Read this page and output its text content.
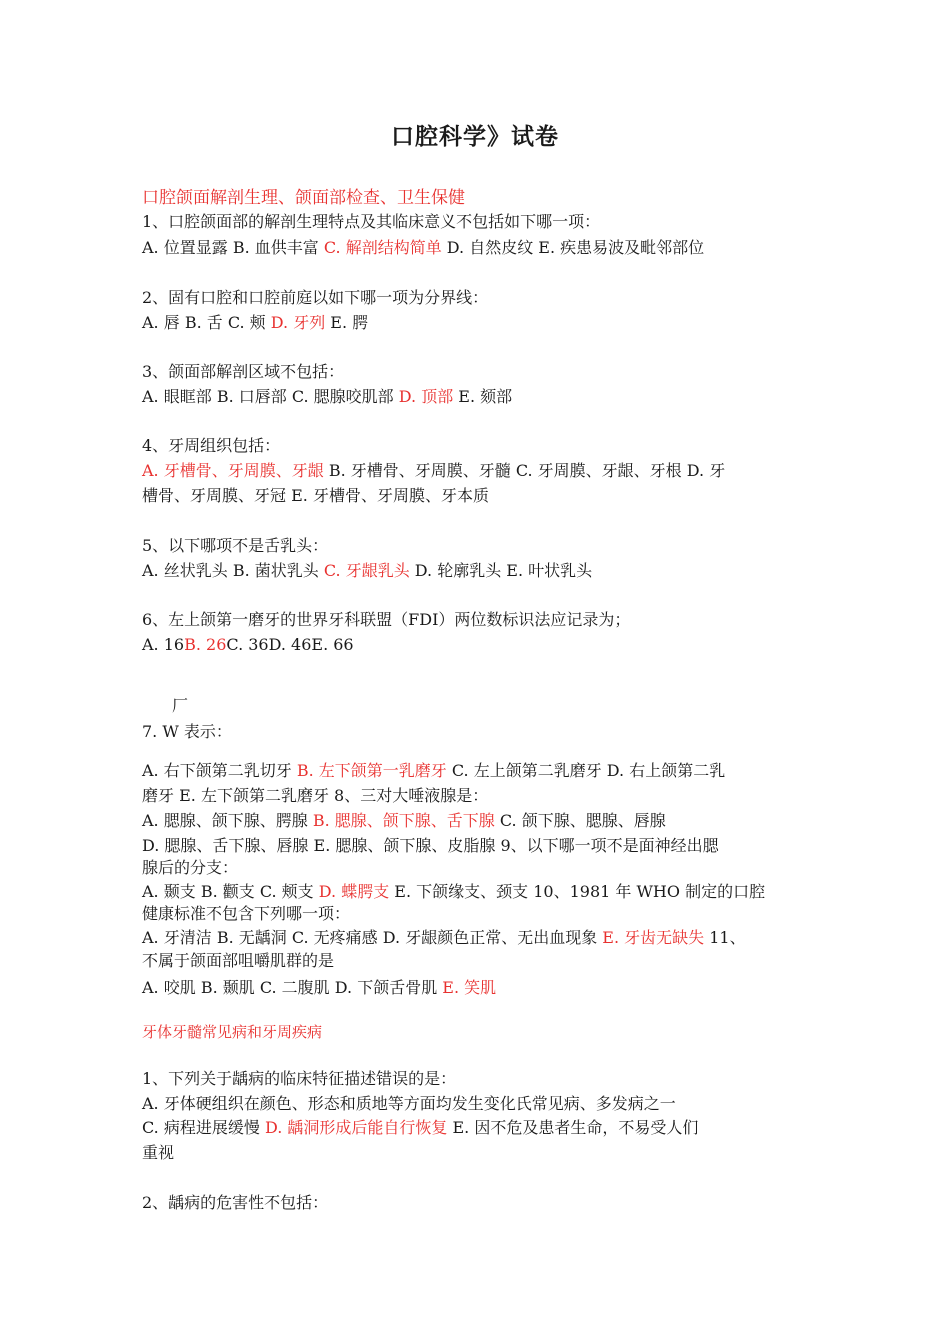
口腔科学》试卷
口腔颌面解剖生理、颌面部检查、卫生保健
1、口腔颌面部的解剖生理特点及其临床意义不包括如下哪一项：
A. 位置显露 B. 血供丰富 C. 解剖结构简单 D. 自然皮纹 E. 疾患易波及毗邻部位
2、固有口腔和口腔前庭以如下哪一项为分界线：
A. 唇 B. 舌 C. 颊 D. 牙列 E. 腭
3、颌面部解剖区域不包括：
A. 眼眶部 B. 口唇部 C. 腮腺咬肌部 D. 顶部 E. 颏部
4、牙周组织包括：
A. 牙槽骨、牙周膜、牙龈 B. 牙槽骨、牙周膜、牙髓 C. 牙周膜、牙龈、牙根 D. 牙
槽骨、牙周膜、牙冠 E. 牙槽骨、牙周膜、牙本质
5、以下哪项不是舌乳头：
A. 丝状乳头 B. 菌状乳头 C. 牙龈乳头 D. 轮廓乳头 E. 叶状乳头
6、左上颌第一磨牙的世界牙科联盟（FDI）两位数标识法应记录为；
A. 16B. 26C. 36D. 46E. 66
厂
7. W 表示：
A. 右下颌第二乳切牙 B. 左下颌第一乳磨牙 C. 左上颌第二乳磨牙 D. 右上颌第二乳
磨牙 E. 左下颌第二乳磨牙 8、三对大唾液腺是：
A. 腮腺、颌下腺、腭腺 B. 腮腺、颌下腺、舌下腺 C. 颌下腺、腮腺、唇腺
D. 腮腺、舌下腺、唇腺 E. 腮腺、颌下腺、皮脂腺 9、以下哪一项不是面神经出腮
腺后的分支：
A. 颞支 B. 颧支 C. 颊支 D. 蝶腭支 E. 下颌缘支、颈支 10、1981 年 WHO 制定的口腔
健康标准不包含下列哪一项：
A. 牙清洁 B. 无龋洞 C. 无疼痛感 D. 牙龈颜色正常、无出血现象 E. 牙齿无缺失 11、
不属于颌面部咀嚼肌群的是
A. 咬肌 B. 颞肌 C. 二腹肌 D. 下颌舌骨肌 E. 笑肌
牙体牙髓常见病和牙周疾病
1、下列关于龋病的临床特征描述错误的是：
A. 牙体硬组织在颜色、形态和质地等方面均发生变化氏常见病、多发病之一
C. 病程进展缓慢 D. 龋洞形成后能自行恢复 E. 因不危及患者生命，不易受人们
重视
2、龋病的危害性不包括：
